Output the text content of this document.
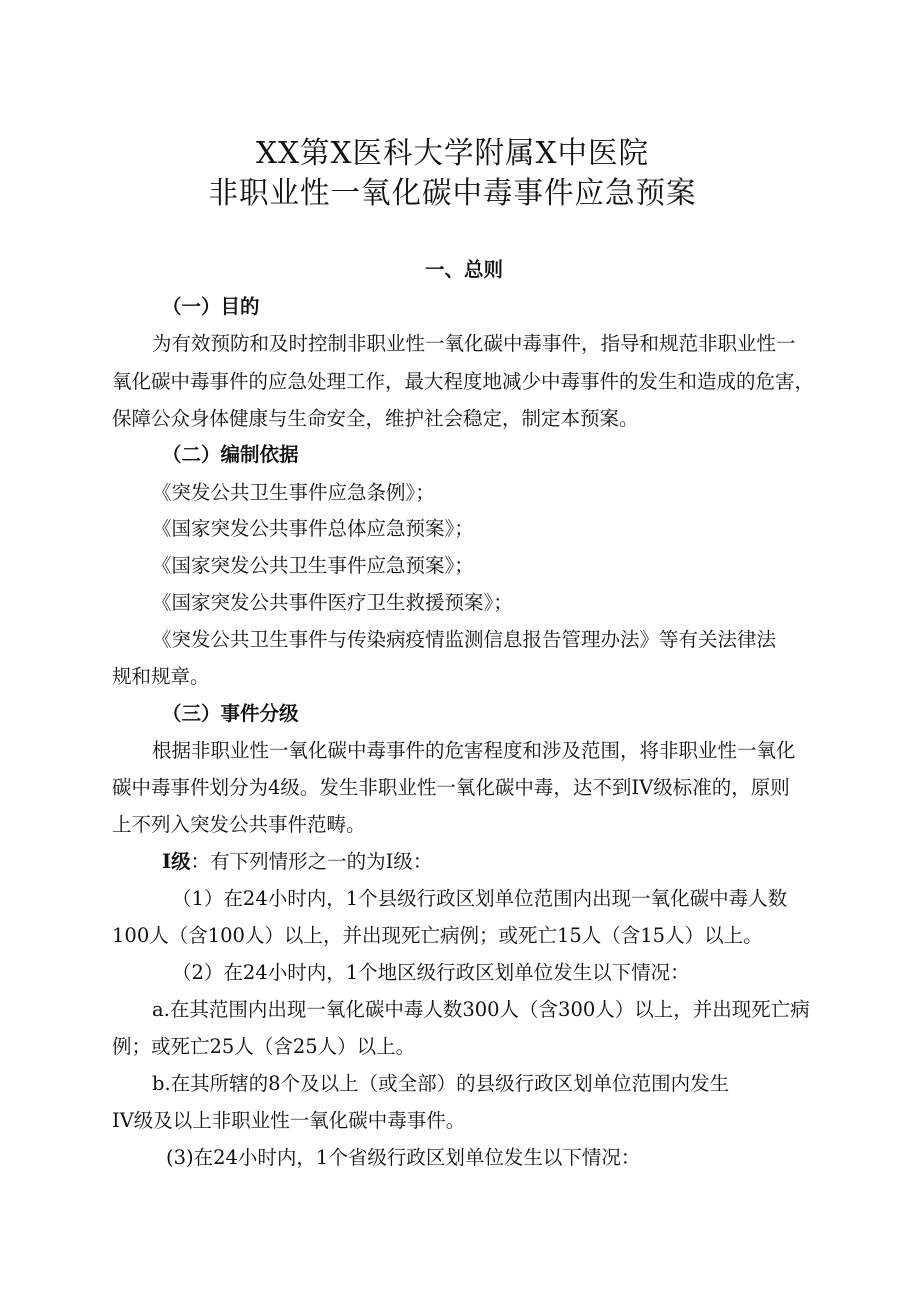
XX第X医科大学附属X中医院
非职业性一氧化碳中毒事件应急预案
一、总则
（一）目的
为有效预防和及时控制非职业性一氧化碳中毒事件，指导和规范非职业性一
氧化碳中毒事件的应急处理工作，最大程度地减少中毒事件的发生和造成的危害，
保障公众身体健康与生命安全，维护社会稳定，制定本预案。
（二）编制依据
《突发公共卫生事件应急条例》；
《国家突发公共事件总体应急预案》；
《国家突发公共卫生事件应急预案》；
《国家突发公共事件医疗卫生救援预案》；
《突发公共卫生事件与传染病疫情监测信息报告管理办法》等有关法律法
规和规章。
（三）事件分级
根据非职业性一氧化碳中毒事件的危害程度和涉及范围，将非职业性一氧化
碳中毒事件划分为4级。发生非职业性一氧化碳中毒，达不到IV级标准的，原则
上不列入突发公共事件范畴。
I级：有下列情形之一的为I级：
（1）在24小时内，1个县级行政区划单位范围内出现一氧化碳中毒人数
100人（含100人）以上，并出现死亡病例；或死亡15人（含15人）以上。
（2）在24小时内，1个地区级行政区划单位发生以下情况：
a.在其范围内出现一氧化碳中毒人数300人（含300人）以上，并出现死亡病
例；或死亡25人（含25人）以上。
b.在其所辖的8个及以上（或全部）的县级行政区划单位范围内发生
IV级及以上非职业性一氧化碳中毒事件。
(3)在24小时内，1个省级行政区划单位发生以下情况：
